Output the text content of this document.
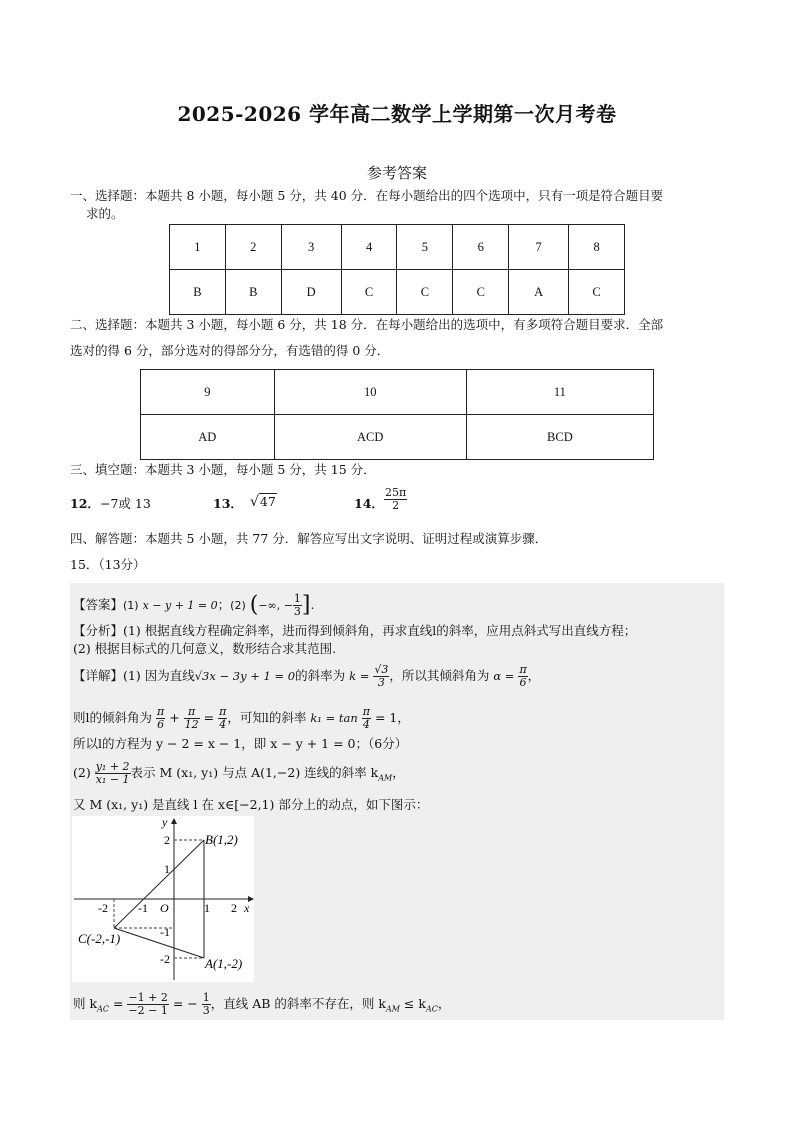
2025-2026 学年高二数学上学期第一次月考卷
参考答案
一、选择题：本题共 8 小题，每小题 5 分，共 40 分．在每小题给出的四个选项中，只有一项是符合题目要
求的。
1	2	3	4	5	6	7	8
B	B	D	C	C	C	A	C
二、选择题：本题共 3 小题，每小题 6 分，共 18 分．在每小题给出的选项中，有多项符合题目要求．全部
选对的得 6 分，部分选对的得部分分，有选错的得 0 分．
9	10	11
AD	ACD	BCD
三、填空题：本题共 3 小题，每小题 5 分，共 15 分．
12． −7或 13	13． √47	14． $\frac{25\pi}{2}$
四、解答题：本题共 5 小题，共 77 分．解答应写出文字说明、证明过程或演算步骤．
15．（13分）
【答案】(1) x − y + 1 = 0；(2) (−∞, − $\frac{1}{3}$ ].
【分析】(1) 根据直线方程确定斜率，进而得到倾斜角，再求直线l的斜率，应用点斜式写出直线方程；
(2) 根据目标式的几何意义，数形结合求其范围.
【详解】(1) 因为直线√3x − 3y + 1 = 0的斜率为 $k = \frac{√3}{3}$ ，所以其倾斜角为 $\alpha = \frac{\pi}{6}$ ，
则l的倾斜角为 $\frac{\pi}{6} + \frac{\pi}{12} = \frac{\pi}{4}$ ，可知l的斜率 $k_1 = \tan \frac{\pi}{4} = 1$，
所以l的方程为 y − 2 = x − 1，即 x − y + 1 = 0；（6分）
$(2) \frac{\text{y₁ + 2}}{\text{x₁ − 1}}$ 表示 M (x₁, y₁) 与点 A(1,−2) 连线的斜率 $k_{AM}$，
又 M (x₁, y₁) 是直线 l 在 x∈[−2,1) 部分上的动点，如下图示：
y
x
O
-2	-1	1 2
2
1
-1
-2
B(1,2)
C(-2,-1)
A(1,-2)
则 $k_{AC} = \frac{-1 + 2}{-2 - 1}$ = − $\frac{1}{3}$ ，直线 AB 的斜率不存在，则 $k_{AM} \le k_{AC}$，
